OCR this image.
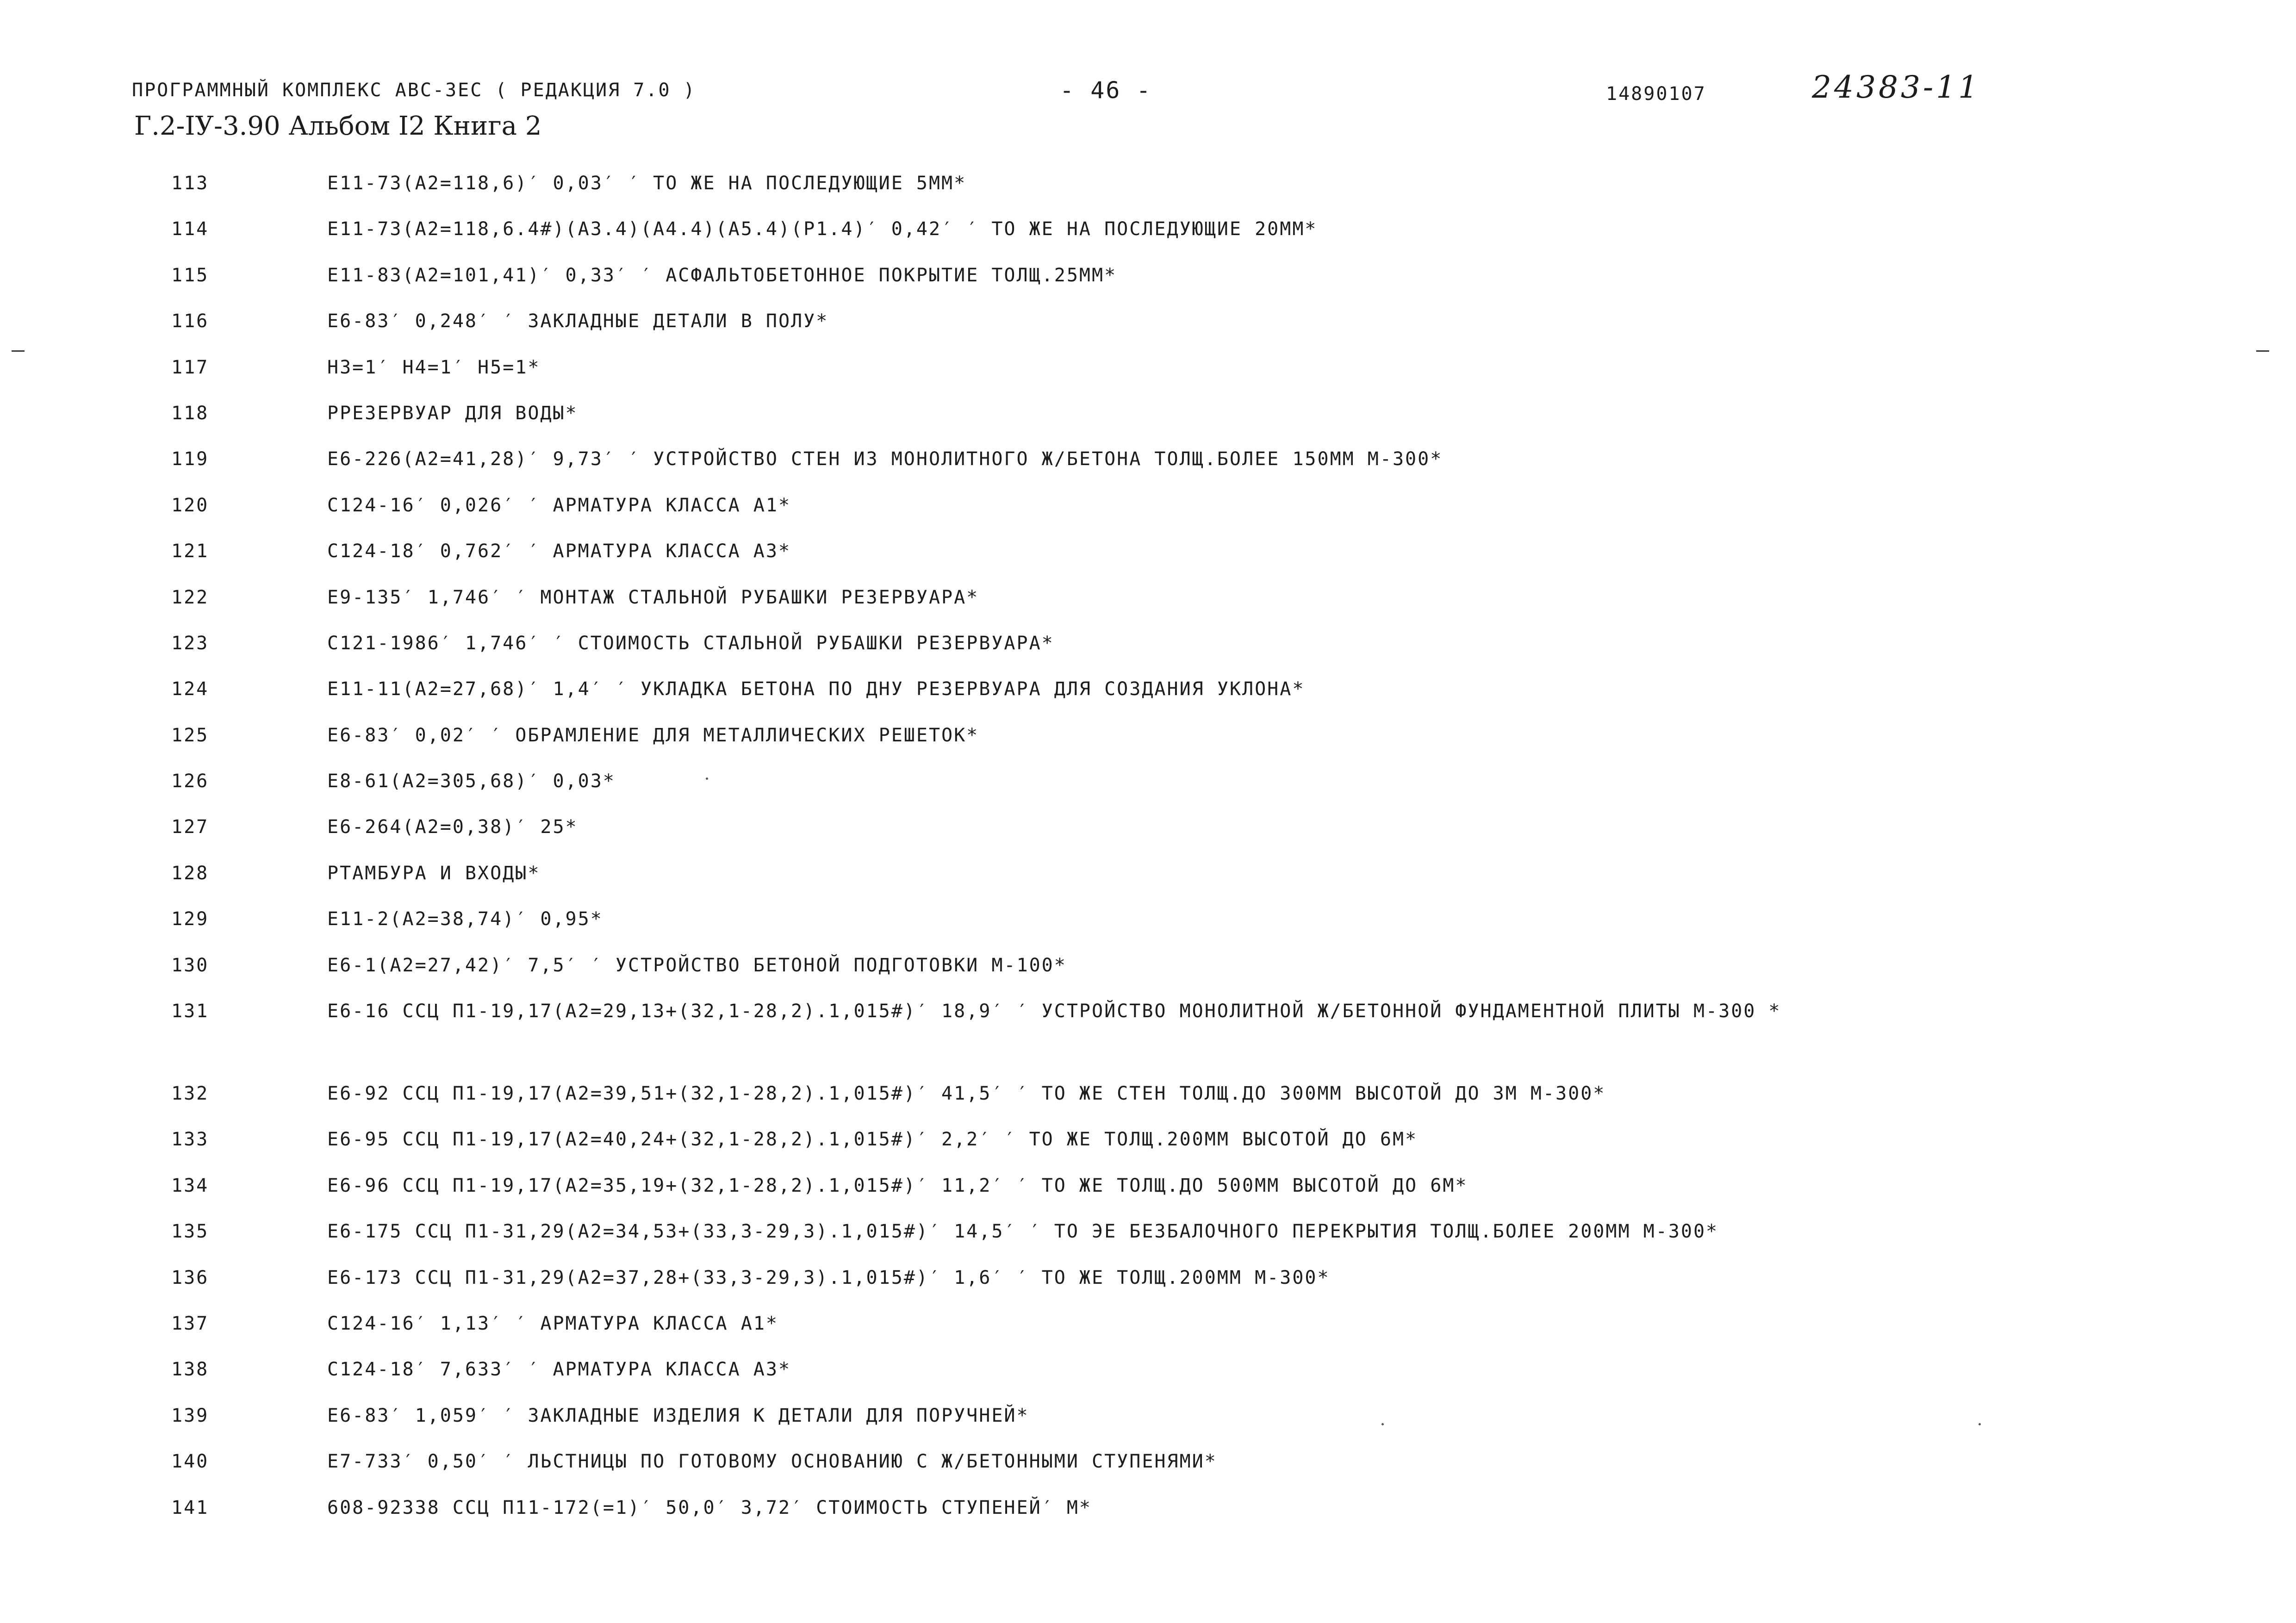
ПРОГРАММНЫЙ КОМПЛЕКС АВС-ЗЕС ( РЕДАКЦИЯ 7.0 )	- 46 -	14890107	24383-11
Г.2-IУ-3.90 Альбом I2 Книга 2
113	Е11-73(А2=118,6)′ 0,03′ ′ ТО ЖЕ НА ПОСЛЕДУЮЩИЕ 5ММ*
114	Е11-73(А2=118,6.4#)(А3.4)(А4.4)(А5.4)(Р1.4)′ 0,42′ ′ ТО ЖЕ НА ПОСЛЕДУЮЩИЕ 20ММ*
115	Е11-83(А2=101,41)′ 0,33′ ′ АСФАЛЬТОБЕТОННОЕ ПОКРЫТИЕ ТОЛЩ.25ММ*
116	Е6-83′ 0,248′ ′ ЗАКЛАДНЫЕ ДЕТАЛИ В ПОЛУ*
117	Н3=1′ Н4=1′ Н5=1*
118	РРЕЗЕРВУАР ДЛЯ ВОДЫ*
119	Е6-226(А2=41,28)′ 9,73′ ′ УСТРОЙСТВО СТЕН ИЗ МОНОЛИТНОГО Ж/БЕТОНА ТОЛЩ.БОЛЕЕ 150ММ М-300*
120	С124-16′ 0,026′ ′ АРМАТУРА КЛАССА А1*
121	С124-18′ 0,762′ ′ АРМАТУРА КЛАССА А3*
122	Е9-135′ 1,746′ ′ МОНТАЖ СТАЛЬНОЙ РУБАШКИ РЕЗЕРВУАРА*
123	С121-1986′ 1,746′ ′ СТОИМОСТЬ СТАЛЬНОЙ РУБАШКИ РЕЗЕРВУАРА*
124	Е11-11(А2=27,68)′ 1,4′ ′ УКЛАДКА БЕТОНА ПО ДНУ РЕЗЕРВУАРА ДЛЯ СОЗДАНИЯ УКЛОНА*
125	Е6-83′ 0,02′ ′ ОБРАМЛЕНИЕ ДЛЯ МЕТАЛЛИЧЕСКИХ РЕШЕТОК*
126	Е8-61(А2=305,68)′ 0,03*
127	Е6-264(А2=0,38)′ 25*
128	РТАМБУРА И ВХОДЫ*
129	Е11-2(А2=38,74)′ 0,95*
130	Е6-1(А2=27,42)′ 7,5′ ′ УСТРОЙСТВО БЕТОНОЙ ПОДГОТОВКИ М-100*
131	Е6-16 ССЦ П1-19,17(А2=29,13+(32,1-28,2).1,015#)′ 18,9′ ′ УСТРОЙСТВО МОНОЛИТНОЙ Ж/БЕТОННОЙ ФУНДАМЕНТНОЙ ПЛИТЫ М-300 *
132	Е6-92 ССЦ П1-19,17(А2=39,51+(32,1-28,2).1,015#)′ 41,5′ ′ ТО ЖЕ СТЕН ТОЛЩ.ДО 300ММ ВЫСОТОЙ ДО 3М М-300*
133	Е6-95 ССЦ П1-19,17(А2=40,24+(32,1-28,2).1,015#)′ 2,2′ ′ ТО ЖЕ ТОЛЩ.200ММ ВЫСОТОЙ ДО 6М*
134	Е6-96 ССЦ П1-19,17(А2=35,19+(32,1-28,2).1,015#)′ 11,2′ ′ ТО ЖЕ ТОЛЩ.ДО 500ММ ВЫСОТОЙ ДО 6М*
135	Е6-175 ССЦ П1-31,29(А2=34,53+(33,3-29,3).1,015#)′ 14,5′ ′ ТО ЭЕ БЕЗБАЛОЧНОГО ПЕРЕКРЫТИЯ ТОЛЩ.БОЛЕЕ 200ММ М-300*
136	Е6-173 ССЦ П1-31,29(А2=37,28+(33,3-29,3).1,015#)′ 1,6′ ′ ТО ЖЕ ТОЛЩ.200ММ М-300*
137	С124-16′ 1,13′ ′ АРМАТУРА КЛАССА А1*
138	С124-18′ 7,633′ ′ АРМАТУРА КЛАССА А3*
139	Е6-83′ 1,059′ ′ ЗАКЛАДНЫЕ ИЗДЕЛИЯ К ДЕТАЛИ ДЛЯ ПОРУЧНЕЙ*
140	Е7-733′ 0,50′ ′ ЛЬСТНИЦЫ ПО ГОТОВОМУ ОСНОВАНИЮ С Ж/БЕТОННЫМИ СТУПЕНЯМИ*
141	608-92338 ССЦ П11-172(=1)′ 50,0′ 3,72′ СТОИМОСТЬ СТУПЕНЕЙ′ М*
